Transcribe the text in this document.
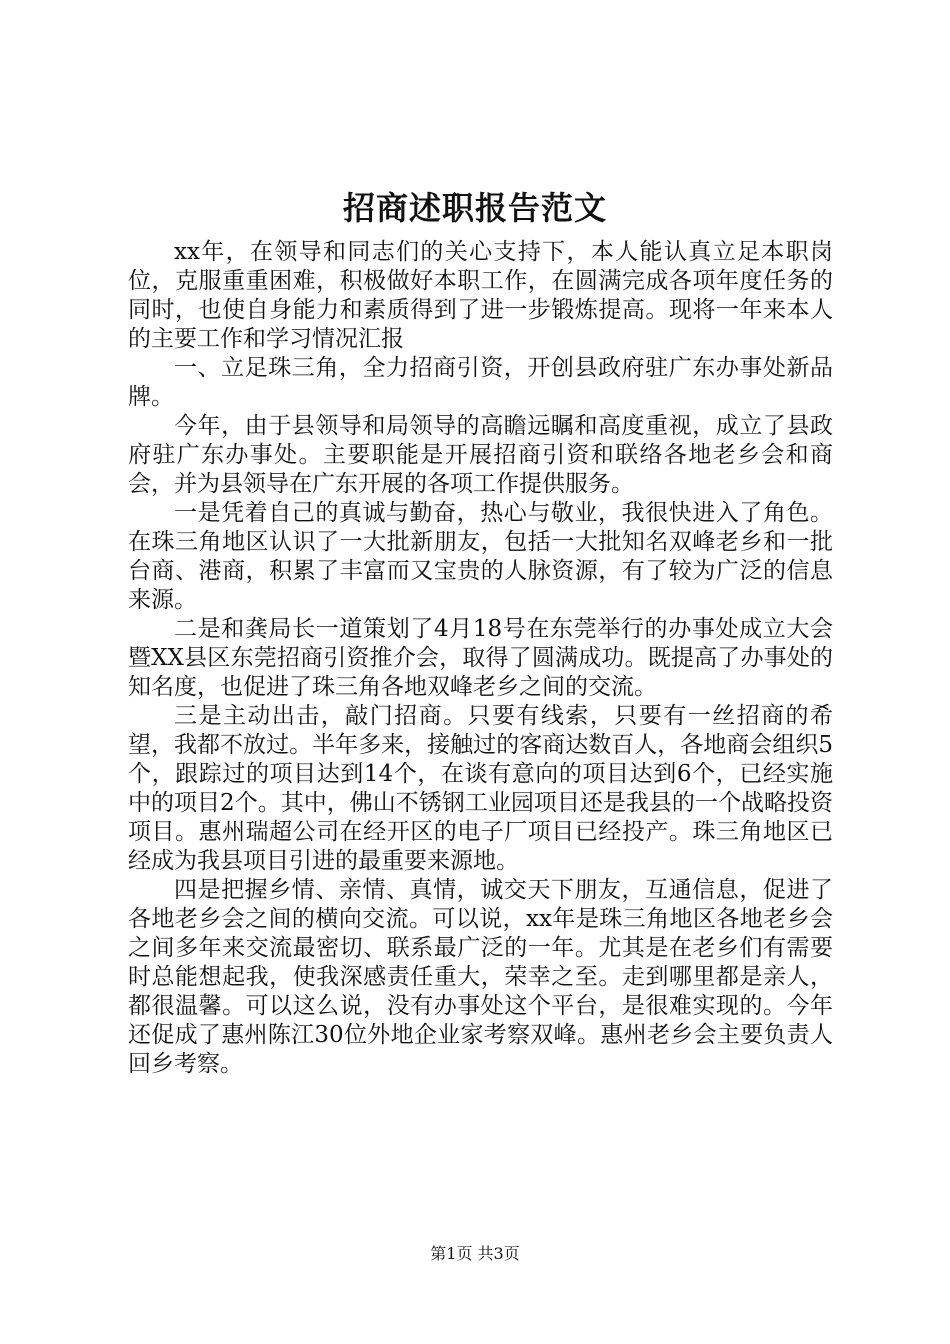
招商述职报告范文

xx年，在领导和同志们的关心支持下，本人能认真立足本职岗位，克服重重困难，积极做好本职工作，在圆满完成各项年度任务的同时，也使自身能力和素质得到了进一步锻炼提高。现将一年来本人的主要工作和学习情况汇报

一、立足珠三角，全力招商引资，开创县政府驻广东办事处新品牌。

今年，由于县领导和局领导的高瞻远瞩和高度重视，成立了县政府驻广东办事处。主要职能是开展招商引资和联络各地老乡会和商会，并为县领导在广东开展的各项工作提供服务。

一是凭着自己的真诚与勤奋，热心与敬业，我很快进入了角色。在珠三角地区认识了一大批新朋友，包括一大批知名双峰老乡和一批台商、港商，积累了丰富而又宝贵的人脉资源，有了较为广泛的信息来源。

二是和龚局长一道策划了4月18号在东莞举行的办事处成立大会暨XX县区东莞招商引资推介会，取得了圆满成功。既提高了办事处的知名度，也促进了珠三角各地双峰老乡之间的交流。

三是主动出击，敲门招商。只要有线索，只要有一丝招商的希望，我都不放过。半年多来，接触过的客商达数百人，各地商会组织5个，跟踪过的项目达到14个，在谈有意向的项目达到6个，已经实施中的项目2个。其中，佛山不锈钢工业园项目还是我县的一个战略投资项目。惠州瑞超公司在经开区的电子厂项目已经投产。珠三角地区已经成为我县项目引进的最重要来源地。

四是把握乡情、亲情、真情，诚交天下朋友，互通信息，促进了各地老乡会之间的横向交流。可以说，xx年是珠三角地区各地老乡会之间多年来交流最密切、联系最广泛的一年。尤其是在老乡们有需要时总能想起我，使我深感责任重大，荣幸之至。走到哪里都是亲人，都很温馨。可以这么说，没有办事处这个平台，是很难实现的。今年还促成了惠州陈江30位外地企业家考察双峰。惠州老乡会主要负责人回乡考察。

第1页 共3页
